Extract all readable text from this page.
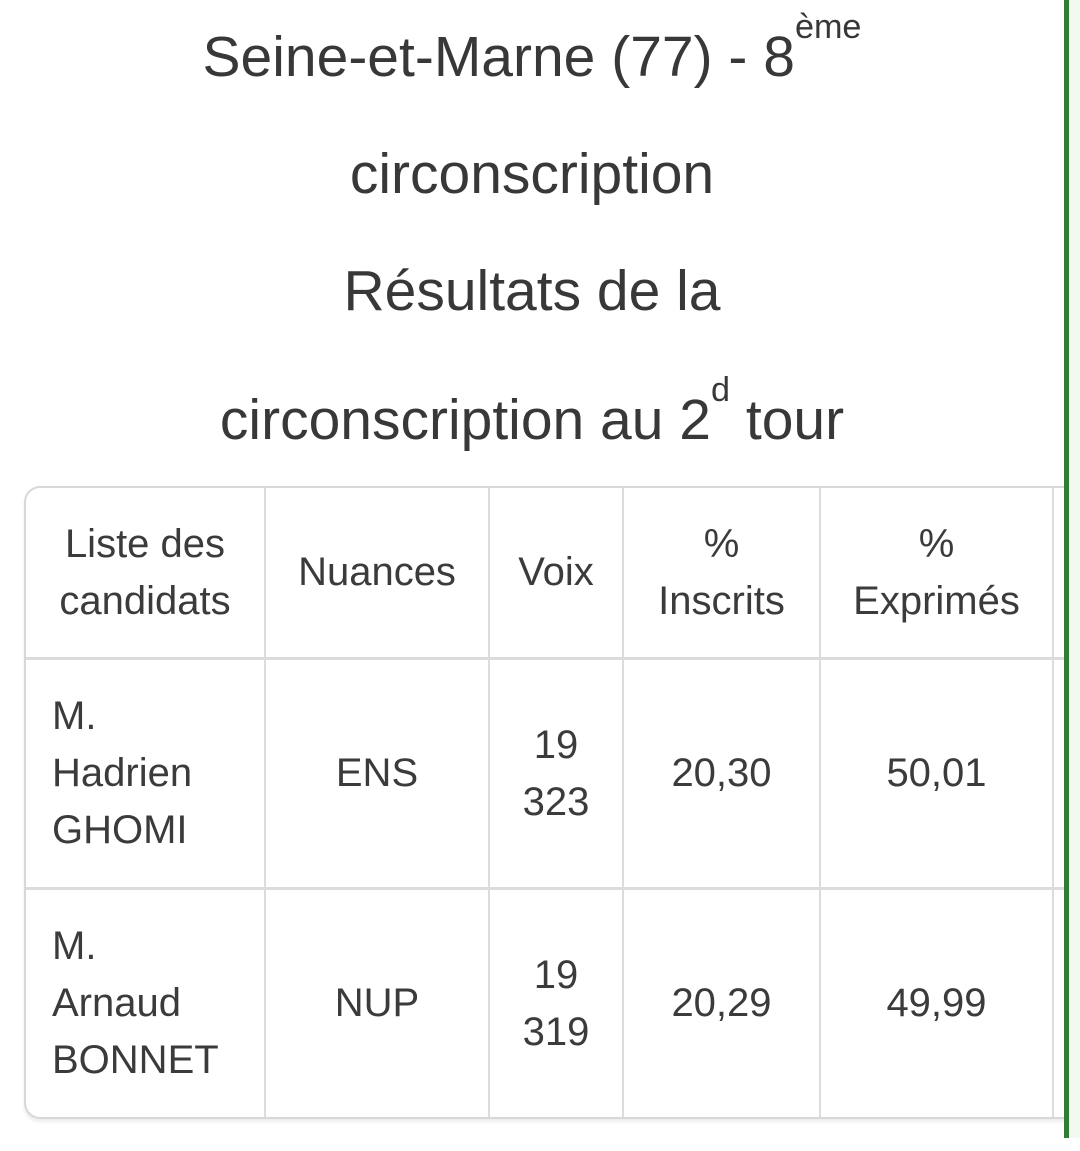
Seine-et-Marne (77) - 8ème
circonscription
Résultats de la
circonscription au 2$^d$ tour
Liste des candidats	Nuances	Voix	% Inscrits	% Exprimés	
M. Hadrien GHOMI	ENS	19 323	20,30	50,01	
M. Arnaud BONNET	NUP	19 319	20,29	49,99	
